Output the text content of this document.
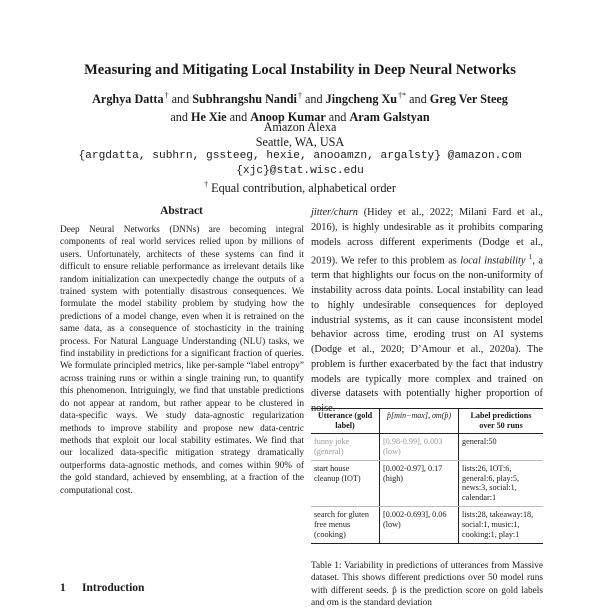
Measuring and Mitigating Local Instability in Deep Neural Networks
Arghya Datta† and Subhrangshu Nandi† and Jingcheng Xu†* and Greg Ver Steeg
and He Xie and Anoop Kumar and Aram Galstyan
Amazon Alexa
Seattle, WA, USA
{argdatta, subhrn, gssteeg, hexie, anooamzn, argalsty} @amazon.com
{xjc}@stat.wisc.edu
† Equal contribution, alphabetical order
Abstract
Deep Neural Networks (DNNs) are becoming integral components of real world services relied upon by millions of users. Unfortunately, architects of these systems can find it difficult to ensure reliable performance as irrelevant details like random initialization can unexpectedly change the outputs of a trained system with potentially disastrous consequences. We formulate the model stability problem by studying how the predictions of a model change, even when it is retrained on the same data, as a consequence of stochasticity in the training process. For Natural Language Understanding (NLU) tasks, we find instability in predictions for a significant fraction of queries. We formulate principled metrics, like per-sample “label entropy” across training runs or within a single training run, to quantify this phenomenon. Intriguingly, we find that unstable predictions do not appear at random, but rather appear to be clustered in data-specific ways. We study data-agnostic regularization methods to improve stability and propose new data-centric methods that exploit our local stability estimates. We find that our localized data-specific mitigation strategy dramatically outperforms data-agnostic methods, and comes within 90% of the gold standard, achieved by ensembling, at a fraction of the computational cost.
1 Introduction
jitter/churn (Hidey et al., 2022; Milani Fard et al., 2016), is highly undesirable as it prohibits comparing models across different experiments (Dodge et al., 2019). We refer to this problem as local instability $^1$, a term that highlights our focus on the non-uniformity of instability across data points. Local instability can lead to highly undesirable consequences for deployed industrial systems, as it can cause inconsistent model behavior across time, eroding trust on AI systems (Dodge et al., 2020; D’Amour et al., 2020a). The problem is further exacerbated by the fact that industry models are typically more complex and trained on diverse datasets with potentially higher proportion of noise.
Utterance (gold label)	p̂[min−max], σm(p̂)	Label predictions over 50 runs
funny joke (general)	[0.98-0.99], 0.003 (low)	general:50
start house cleanup (IOT)	[0.002-0.97], 0.17 (high)	lists:26, IOT:6, general:6, play:5, news:3, social:1, calendar:1
search for gluten free menus (cooking)	[0.002-0.693], 0.06 (low)	lists:28, takeaway:18, social:1, music:1, cooking:1, play:1
Table 1: Variability in predictions of utterances from Massive dataset. This shows different predictions over 50 model runs with different seeds. p̂ is the prediction score on gold labels and σm is the standard deviation
